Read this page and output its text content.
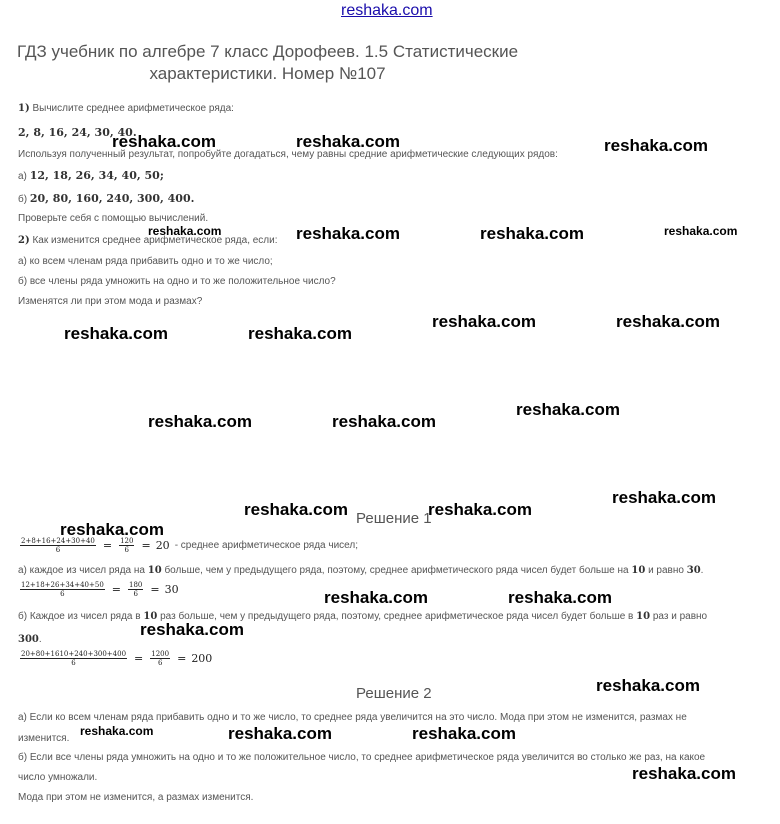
reshaka.com
ГДЗ учебник по алгебре 7 класс Дорофеев. 1.5 Статистические характеристики. Номер №107
1) Вычислите среднее арифметическое ряда:
2, 8, 16, 24, 30, 40.
Используя полученный результат, попробуйте догадаться, чему равны средние арифметические следующих рядов:
а) 12, 18, 26, 34, 40, 50;
б) 20, 80, 160, 240, 300, 400.
Проверьте себя с помощью вычислений.
2) Как изменится среднее арифметическое ряда, если:
а) ко всем членам ряда прибавить одно и то же число;
б) все члены ряда умножить на одно и то же положительное число?
Изменятся ли при этом мода и размах?
Решение 1
$\frac{2+8+16+24+30+40}{6} = \frac{120}{6} = 20$ - среднее арифметическое ряда чисел;
а) каждое из чисел ряда на 10 больше, чем у предыдущего ряда, поэтому, среднее арифметического ряда чисел будет больше на 10 и равно 30.
$\frac{12+18+26+34+40+50}{6} = \frac{180}{6} = 30$
б) Каждое из чисел ряда в 10 раз больше, чем у предыдущего ряда, поэтому, среднее арифметическое ряда чисел будет больше в 10 раз и равно
300.
$\frac{20+80+1610+240+300+400}{6} = \frac{1200}{6} = 200$
Решение 2
а) Если ко всем членам ряда прибавить одно и то же число, то среднее ряда увеличится на это число. Мода при этом не изменится, размах не
изменится.
б) Если все члены ряда умножить на одно и то же положительное число, то среднее арифметическое ряда увеличится во столько же раз, на какое
число умножали.
Мода при этом не изменится, а размах изменится.
reshaka.com	reshaka.com	reshaka.com
reshaka.com	reshaka.com	reshaka.com	reshaka.com
reshaka.com	reshaka.com
reshaka.com	reshaka.com
reshaka.com	reshaka.com
reshaka.com
reshaka.com	reshaka.com
reshaka.com
reshaka.com
reshaka.com	reshaka.com
reshaka.com
reshaka.com
reshaka.com	reshaka.com	reshaka.com
reshaka.com
